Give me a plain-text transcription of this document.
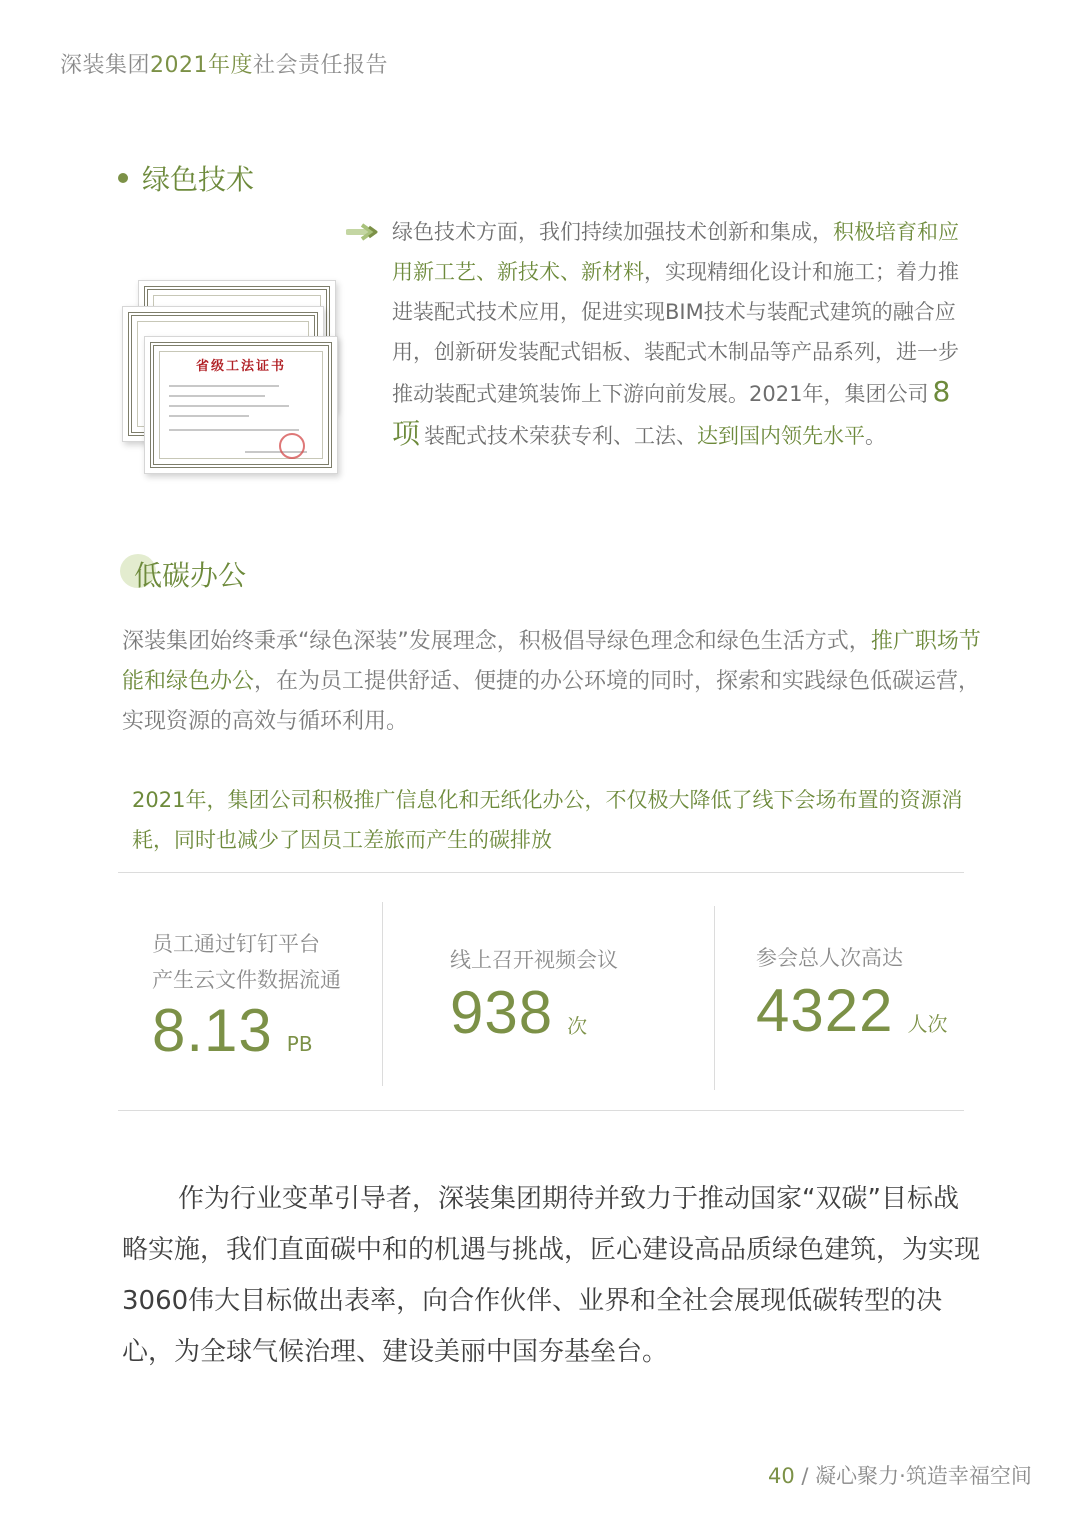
深装集团2021年度社会责任报告
绿色技术
绿色技术方面，我们持续加强技术创新和集成，积极培育和应用新工艺、新技术、新材料，实现精细化设计和施工；着力推进装配式技术应用，促进实现BIM技术与装配式建筑的融合应用，创新研发装配式铝板、装配式木制品等产品系列，进一步推动装配式建筑装饰上下游向前发展。2021年，集团公司 8项 装配式技术荣获专利、工法、达到国内领先水平。
省级工法证书
低碳办公
深装集团始终秉承“绿色深装”发展理念，积极倡导绿色理念和绿色生活方式，推广职场节能和绿色办公，在为员工提供舒适、便捷的办公环境的同时，探索和实践绿色低碳运营，实现资源的高效与循环利用。
2021年，集团公司积极推广信息化和无纸化办公，不仅极大降低了线下会场布置的资源消耗，同时也减少了因员工差旅而产生的碳排放
员工通过钉钉平台
产生云文件数据流通
8.13 PB
线上召开视频会议
938 次
参会总人次高达
4322 人次
作为行业变革引导者，深装集团期待并致力于推动国家“双碳”目标战略实施，我们直面碳中和的机遇与挑战，匠心建设高品质绿色建筑，为实现3060伟大目标做出表率，向合作伙伴、业界和全社会展现低碳转型的决心，为全球气候治理、建设美丽中国夯基垒台。
40 / 凝心聚力·筑造幸福空间
